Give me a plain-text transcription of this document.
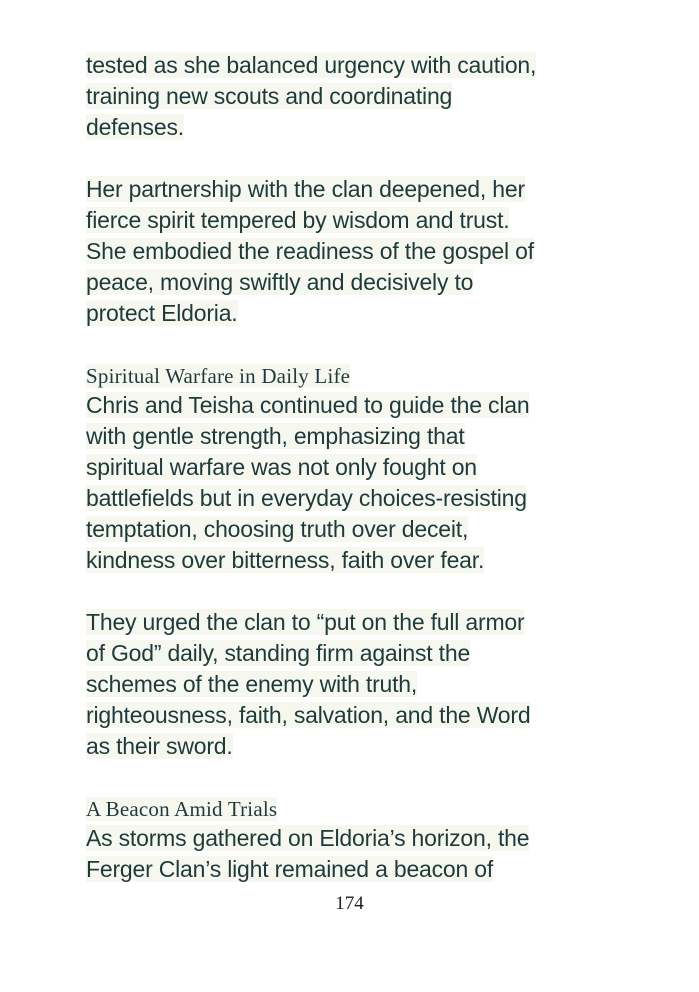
tested as she balanced urgency with caution,
training new scouts and coordinating
defenses.
Her partnership with the clan deepened, her
fierce spirit tempered by wisdom and trust.
She embodied the readiness of the gospel of
peace, moving swiftly and decisively to
protect Eldoria.
Spiritual Warfare in Daily Life
Chris and Teisha continued to guide the clan
with gentle strength, emphasizing that
spiritual warfare was not only fought on
battlefields but in everyday choices-resisting
temptation, choosing truth over deceit,
kindness over bitterness, faith over fear.
They urged the clan to “put on the full armor
of God” daily, standing firm against the
schemes of the enemy with truth,
righteousness, faith, salvation, and the Word
as their sword.
A Beacon Amid Trials
As storms gathered on Eldoria’s horizon, the
Ferger Clan’s light remained a beacon of
174
